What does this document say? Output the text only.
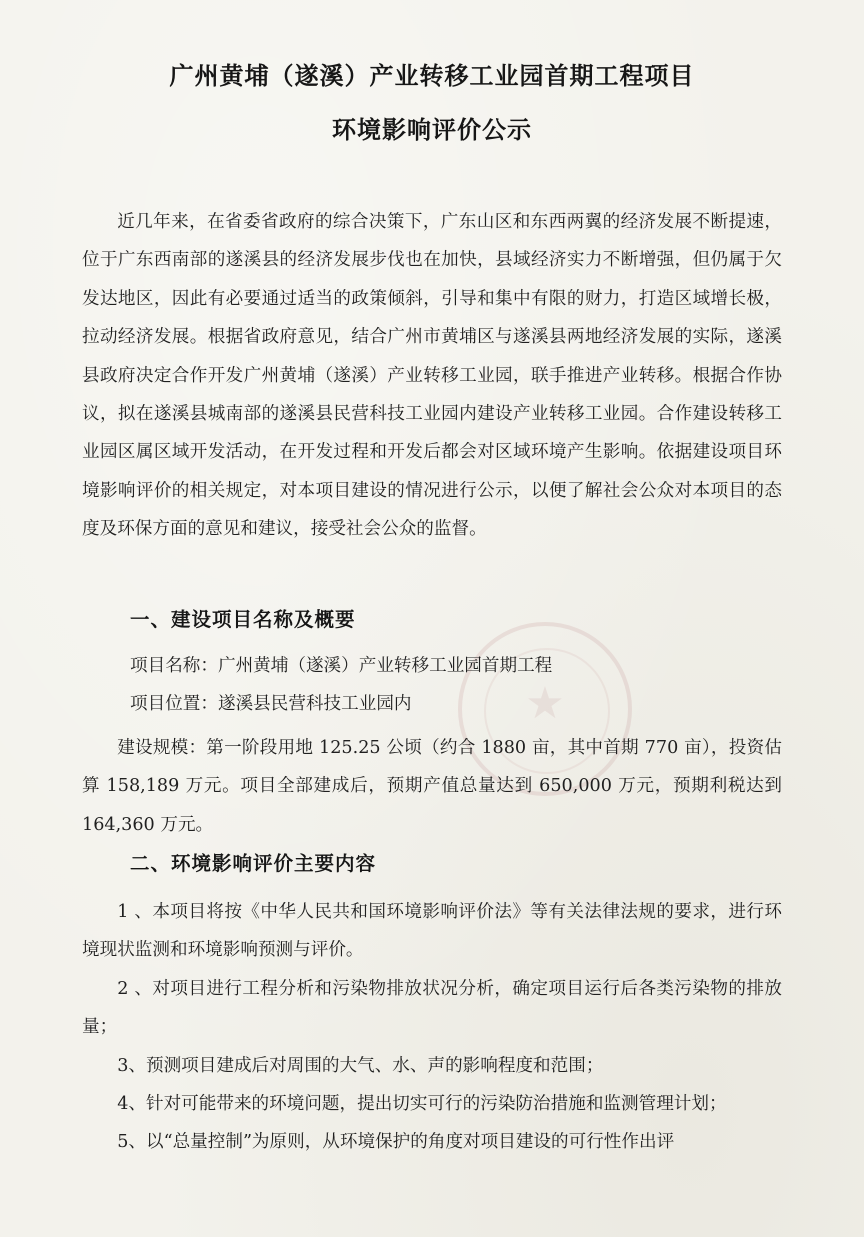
★
广州黄埔（遂溪）产业转移工业园首期工程项目
环境影响评价公示

近几年来，在省委省政府的综合决策下，广东山区和东西两翼的经济发展不断提速，位于广东西南部的遂溪县的经济发展步伐也在加快，县域经济实力不断增强，但仍属于欠发达地区，因此有必要通过适当的政策倾斜，引导和集中有限的财力，打造区域增长极，拉动经济发展。根据省政府意见，结合广州市黄埔区与遂溪县两地经济发展的实际，遂溪县政府决定合作开发广州黄埔（遂溪）产业转移工业园，联手推进产业转移。根据合作协议，拟在遂溪县城南部的遂溪县民营科技工业园内建设产业转移工业园。合作建设转移工业园区属区域开发活动，在开发过程和开发后都会对区域环境产生影响。依据建设项目环境影响评价的相关规定，对本项目建设的情况进行公示，以便了解社会公众对本项目的态度及环保方面的意见和建议，接受社会公众的监督。

一、建设项目名称及概要
项目名称：广州黄埔（遂溪）产业转移工业园首期工程
项目位置：遂溪县民营科技工业园内

建设规模：第一阶段用地 125.25 公顷（约合 1880 亩，其中首期 770 亩），投资估算 158,189 万元。项目全部建成后，预期产值总量达到 650,000 万元，预期利税达到 164,360 万元。

二、环境影响评价主要内容

1 、本项目将按《中华人民共和国环境影响评价法》等有关法律法规的要求，进行环境现状监测和环境影响预测与评价。

2 、对项目进行工程分析和污染物排放状况分析，确定项目运行后各类污染物的排放量；

3、预测项目建成后对周围的大气、水、声的影响程度和范围；

4、针对可能带来的环境问题，提出切实可行的污染防治措施和监测管理计划；

5、以“总量控制”为原则，从环境保护的角度对项目建设的可行性作出评
